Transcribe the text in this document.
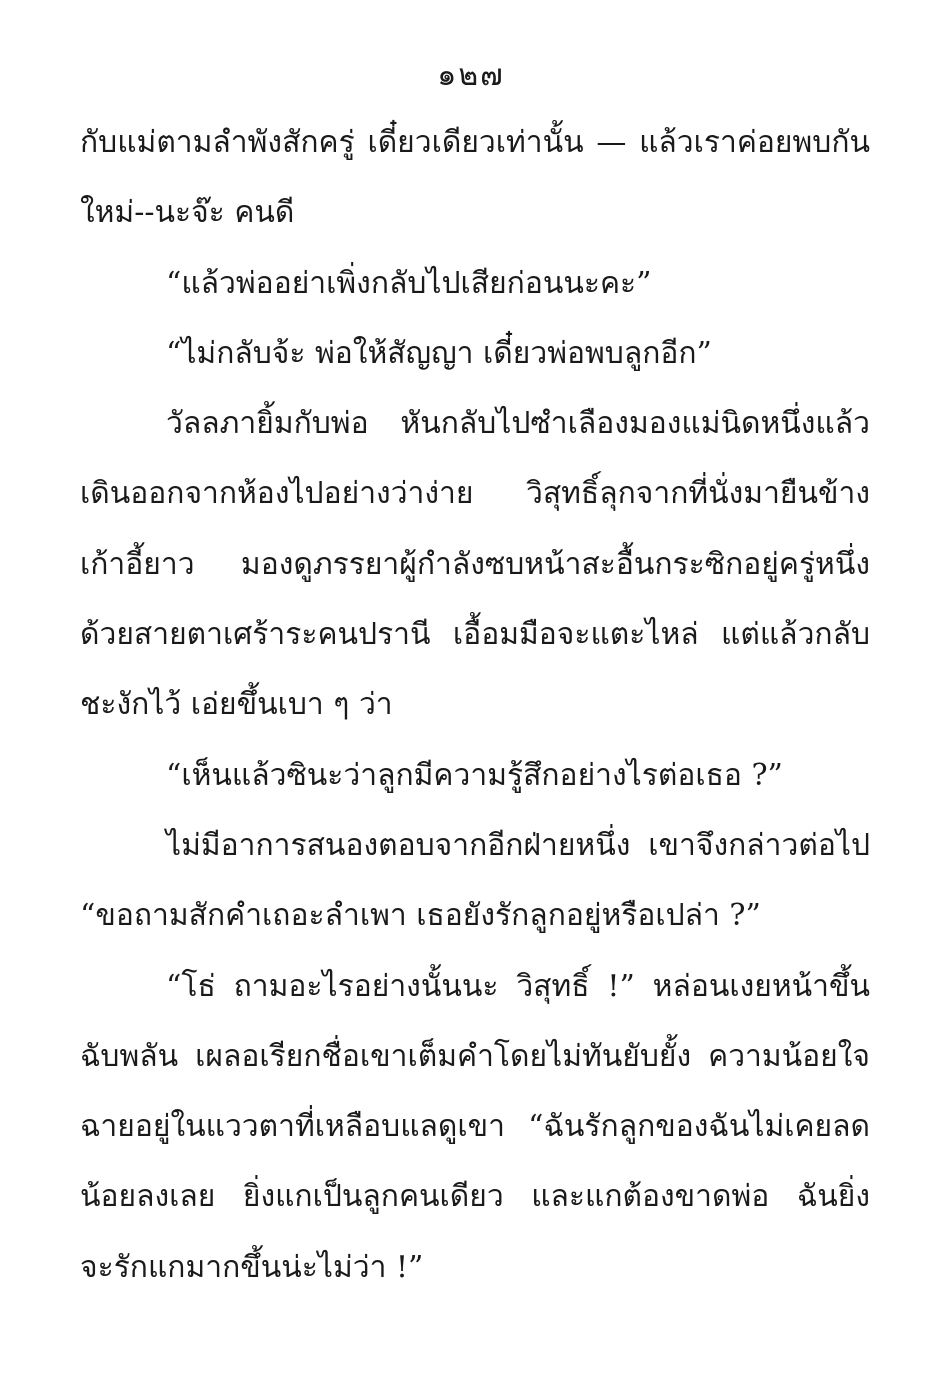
๑๒๗
กับแม่ตามลำพังสักครู่ เดี๋ยวเดียวเท่านั้น — แล้วเราค่อยพบกัน
ใหม่--นะจ๊ะ คนดี
“แล้วพ่ออย่าเพิ่งกลับไปเสียก่อนนะคะ”
“ไม่กลับจ้ะ พ่อให้สัญญา เดี๋ยวพ่อพบลูกอีก”
วัลลภายิ้มกับพ่อ หันกลับไปซำเลืองมองแม่นิดหนึ่งแล้ว
เดินออกจากห้องไปอย่างว่าง่าย วิสุทธิ์ลุกจากที่นั่งมายืนข้าง
เก้าอี้ยาว มองดูภรรยาผู้กำลังซบหน้าสะอื้นกระซิกอยู่ครู่หนึ่ง
ด้วยสายตาเศร้าระคนปรานี เอื้อมมือจะแตะไหล่ แต่แล้วกลับ
ชะงักไว้ เอ่ยขึ้นเบา ๆ ว่า
“เห็นแล้วซินะว่าลูกมีความรู้สึกอย่างไรต่อเธอ ?”
ไม่มีอาการสนองตอบจากอีกฝ่ายหนึ่ง เขาจึงกล่าวต่อไป
“ขอถามสักคำเถอะลำเพา เธอยังรักลูกอยู่หรือเปล่า ?”
“โธ่ ถามอะไรอย่างนั้นนะ วิสุทธิ์ !” หล่อนเงยหน้าขึ้น
ฉับพลัน เผลอเรียกชื่อเขาเต็มคำโดยไม่ทันยับยั้ง ความน้อยใจ
ฉายอยู่ในแววตาที่เหลือบแลดูเขา “ฉันรักลูกของฉันไม่เคยลด
น้อยลงเลย ยิ่งแกเป็นลูกคนเดียว และแกต้องขาดพ่อ ฉันยิ่ง
จะรักแกมากขึ้นน่ะไม่ว่า !”
